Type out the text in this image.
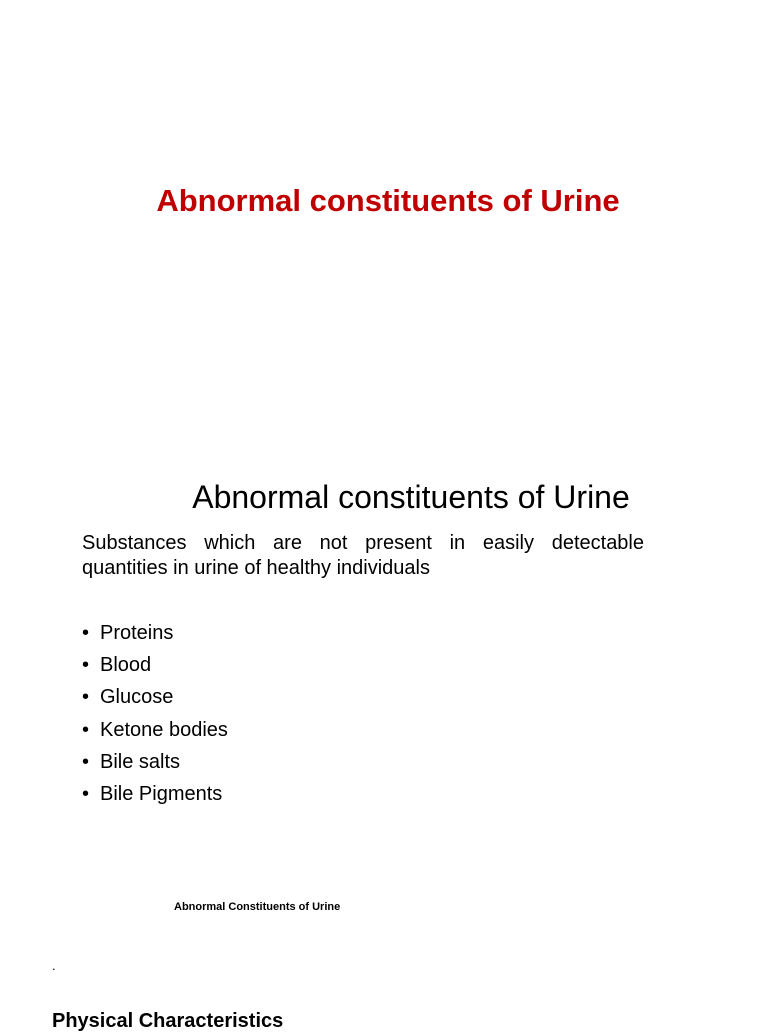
Abnormal constituents of Urine
Abnormal constituents of Urine

Substances which are not present in easily detectable quantities in urine of healthy individuals

• Proteins
• Blood
• Glucose
• Ketone bodies
• Bile salts
• Bile Pigments

Abnormal Constituents of Urine

.

Physical Characteristics
